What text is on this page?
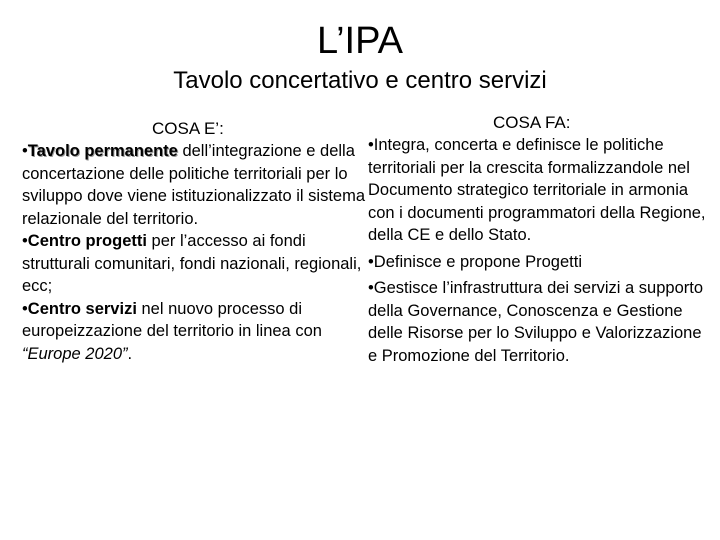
L’IPA
Tavolo concertativo e centro servizi
COSA E’:

•Tavolo permanente dell’integrazione e della concertazione delle politiche territoriali per lo sviluppo dove viene istituzionalizzato il sistema relazionale del territorio.

•Centro progetti per l’accesso ai fondi strutturali comunitari, fondi nazionali, regionali, ecc;

•Centro servizi nel nuovo processo di europeizzazione del territorio in linea con “Europe 2020”.

COSA FA:

•Integra, concerta e definisce le politiche territoriali per la crescita formalizzandole nel Documento strategico territoriale in armonia con i documenti programmatori della Regione, della CE e dello Stato.

•Definisce e propone Progetti

•Gestisce l’infrastruttura dei servizi a supporto della Governance, Conoscenza e Gestione delle Risorse per lo Sviluppo e Valorizzazione e Promozione del Territorio.
